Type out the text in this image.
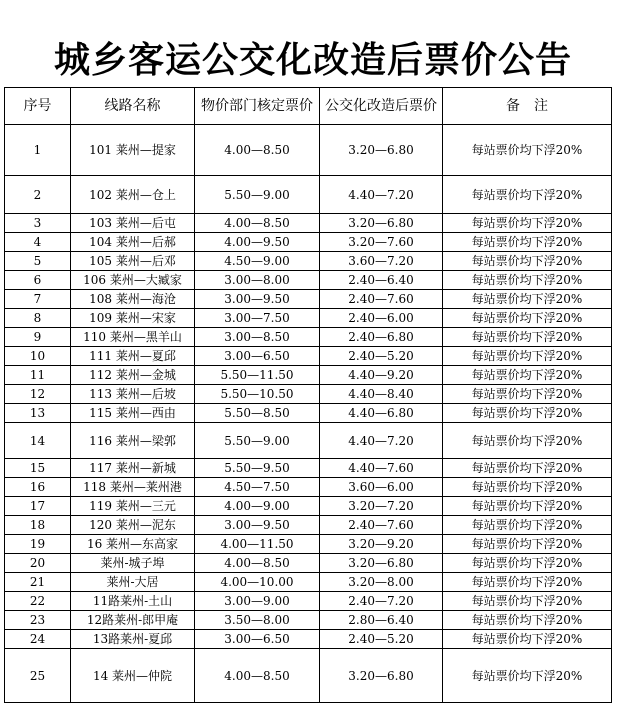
城乡客运公交化改造后票价公告
序号	线路名称	物价部门核定票价	公交化改造后票价	备　注
1	101 莱州—提家	4.00—8.50	3.20—6.80	每站票价均下浮20%
2	102 莱州—仓上	5.50—9.00	4.40—7.20	每站票价均下浮20%
3	103 莱州—后屯	4.00—8.50	3.20—6.80	每站票价均下浮20%
4	104 莱州—后郝	4.00—9.50	3.20—7.60	每站票价均下浮20%
5	105 莱州—后邓	4.50—9.00	3.60—7.20	每站票价均下浮20%
6	106 莱州—大臧家	3.00—8.00	2.40—6.40	每站票价均下浮20%
7	108 莱州—海沧	3.00—9.50	2.40—7.60	每站票价均下浮20%
8	109 莱州—宋家	3.00—7.50	2.40—6.00	每站票价均下浮20%
9	110 莱州—黑羊山	3.00—8.50	2.40—6.80	每站票价均下浮20%
10	111 莱州—夏邱	3.00—6.50	2.40—5.20	每站票价均下浮20%
11	112 莱州—金城	5.50—11.50	4.40—9.20	每站票价均下浮20%
12	113 莱州—后坡	5.50—10.50	4.40—8.40	每站票价均下浮20%
13	115 莱州—西由	5.50—8.50	4.40—6.80	每站票价均下浮20%
14	116 莱州—梁郭	5.50—9.00	4.40—7.20	每站票价均下浮20%
15	117 莱州—新城	5.50—9.50	4.40—7.60	每站票价均下浮20%
16	118 莱州—莱州港	4.50—7.50	3.60—6.00	每站票价均下浮20%
17	119 莱州—三元	4.00—9.00	3.20—7.20	每站票价均下浮20%
18	120 莱州—泥东	3.00—9.50	2.40—7.60	每站票价均下浮20%
19	16 莱州—东高家	4.00—11.50	3.20—9.20	每站票价均下浮20%
20	莱州-城子埠	4.00—8.50	3.20—6.80	每站票价均下浮20%
21	莱州-大居	4.00—10.00	3.20—8.00	每站票价均下浮20%
22	11路莱州-土山	3.00—9.00	2.40—7.20	每站票价均下浮20%
23	12路莱州-郎甲庵	3.50—8.00	2.80—6.40	每站票价均下浮20%
24	13路莱州-夏邱	3.00—6.50	2.40—5.20	每站票价均下浮20%
25	14 莱州—仲院	4.00—8.50	3.20—6.80	每站票价均下浮20%
